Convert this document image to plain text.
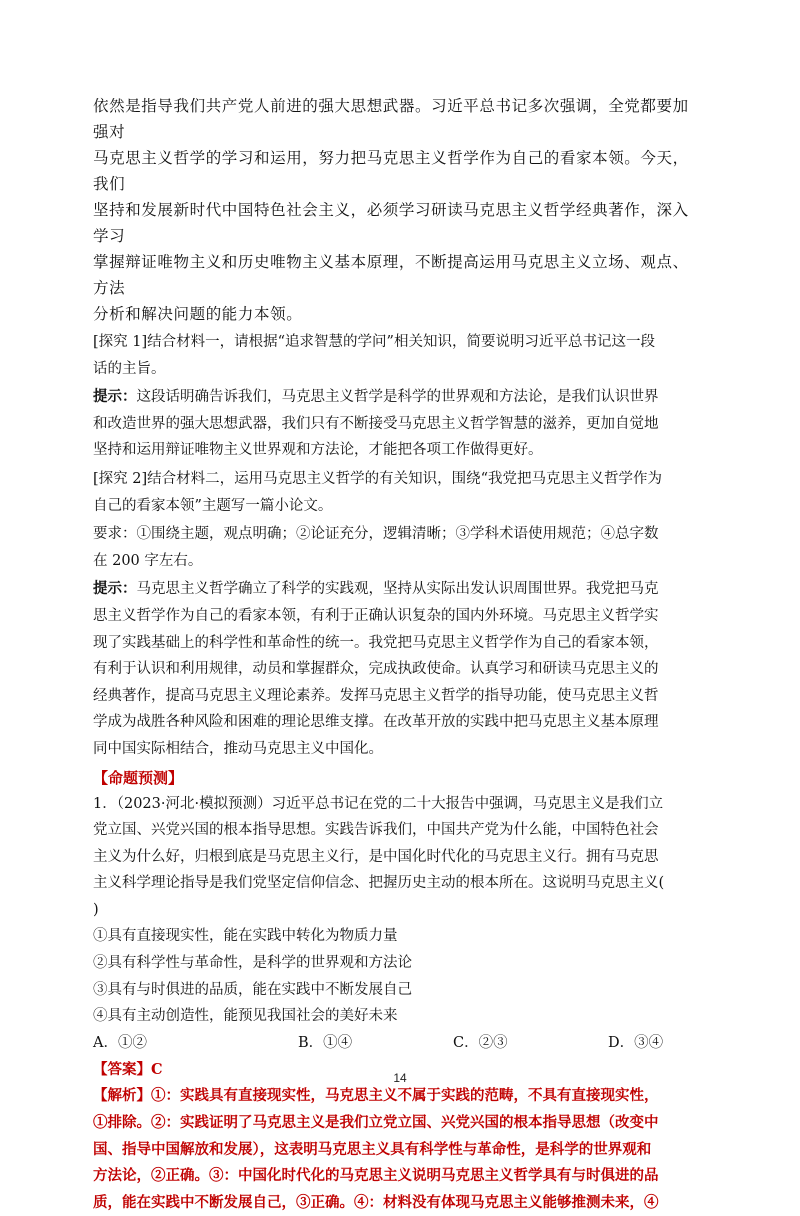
依然是指导我们共产党人前进的强大思想武器。习近平总书记多次强调，全党都要加强对

马克思主义哲学的学习和运用，努力把马克思主义哲学作为自己的看家本领。今天，我们

坚持和发展新时代中国特色社会主义，必须学习研读马克思主义哲学经典著作，深入学习

掌握辩证唯物主义和历史唯物主义基本原理，不断提高运用马克思主义立场、观点、方法

分析和解决问题的能力本领。

[探究 1]结合材料一，请根据“追求智慧的学问”相关知识，简要说明习近平总书记这一段

话的主旨。

提示：这段话明确告诉我们，马克思主义哲学是科学的世界观和方法论，是我们认识世界

和改造世界的强大思想武器，我们只有不断接受马克思主义哲学智慧的滋养，更加自觉地

坚持和运用辩证唯物主义世界观和方法论，才能把各项工作做得更好。

[探究 2]结合材料二，运用马克思主义哲学的有关知识，围绕“我党把马克思主义哲学作为

自己的看家本领”主题写一篇小论文。

要求：①围绕主题，观点明确；②论证充分，逻辑清晰；③学科术语使用规范；④总字数

在 200 字左右。

提示：马克思主义哲学确立了科学的实践观，坚持从实际出发认识周围世界。我党把马克

思主义哲学作为自己的看家本领，有利于正确认识复杂的国内外环境。马克思主义哲学实

现了实践基础上的科学性和革命性的统一。我党把马克思主义哲学作为自己的看家本领，

有利于认识和利用规律，动员和掌握群众，完成执政使命。认真学习和研读马克思主义的

经典著作，提高马克思主义理论素养。发挥马克思主义哲学的指导功能，使马克思主义哲

学成为战胜各种风险和困难的理论思维支撑。在改革开放的实践中把马克思主义基本原理

同中国实际相结合，推动马克思主义中国化。

【命题预测】

1．（2023·河北·模拟预测）习近平总书记在党的二十大报告中强调，马克思主义是我们立

党立国、兴党兴国的根本指导思想。实践告诉我们，中国共产党为什么能，中国特色社会

主义为什么好，归根到底是马克思主义行，是中国化时代化的马克思主义行。拥有马克思

主义科学理论指导是我们党坚定信仰信念、把握历史主动的根本所在。这说明马克思主义(

)

①具有直接现实性，能在实践中转化为物质力量

②具有科学性与革命性，是科学的世界观和方法论

③具有与时俱进的品质，能在实践中不断发展自己

④具有主动创造性，能预见我国社会的美好未来

A．①②	B．①④	C．②③	D．③④

【答案】C

【解析】①：实践具有直接现实性，马克思主义不属于实践的范畴，不具有直接现实性，

①排除。②：实践证明了马克思主义是我们立党立国、兴党兴国的根本指导思想（改变中

国、指导中国解放和发展），这表明马克思主义具有科学性与革命性，是科学的世界观和

方法论，②正确。③：中国化时代化的马克思主义说明马克思主义哲学具有与时俱进的品

质，能在实践中不断发展自己，③正确。④：材料没有体现马克思主义能够推测未来，④

14
